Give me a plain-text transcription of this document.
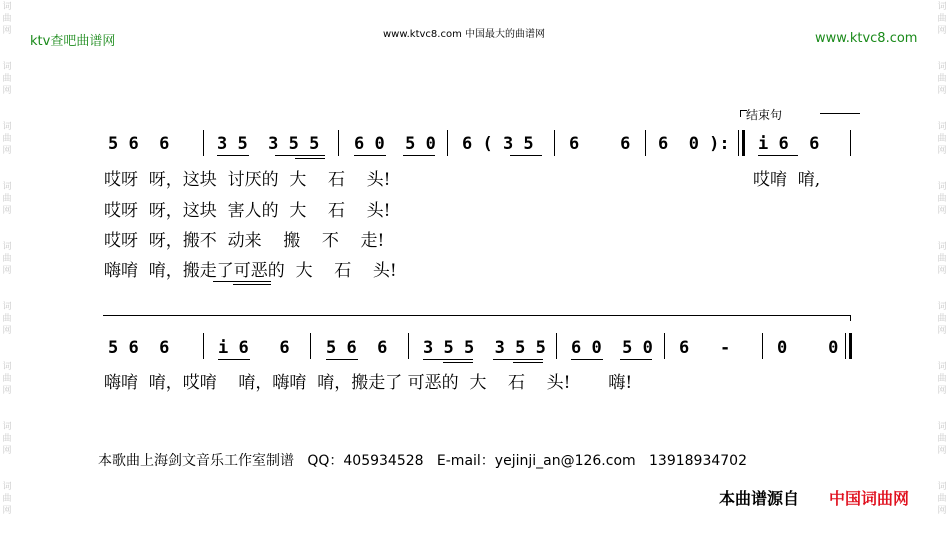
词
曲
网
词
曲
网
词
曲
网
词
曲
网
词
曲
网
词
曲
网
词
曲
网
词
曲
网
词
曲
网
词
曲
网
词
曲
网
词
曲
网
词
曲
网
词
曲
网
词
曲
网
词
曲
网
词
曲
网
词
曲
网
ktv查吧曲谱网	www.ktvc8.com 中国最大的曲谱网	www.ktvc8.com
结束句
5 6  6	3 5  3 5 5 6 0  5 0 6 ( 3 5 6    6 6  0 ): i 6  6
哎呀  呀，这块  讨厌的  大    石    头!
哎呀  呀，这块  害人的  大    石    头!
哎呀  呀，搬不  动来    搬    不    走!
嗨唷  唷，搬走了可恶的  大    石    头!
哎唷  唷,
5 6  6	i 6   6 5 6  6 3 5 5  3 5 5 6 0  5 0 6   -	0    0
嗨唷  唷，哎唷    唷，嗨唷  唷，搬走了 可恶的  大    石    头!       嗨!
本歌曲上海剑文音乐工作室制谱   QQ：405934528   E-mail：yejinji_an@126.com   13918934702
本曲谱源自 中国词曲网
